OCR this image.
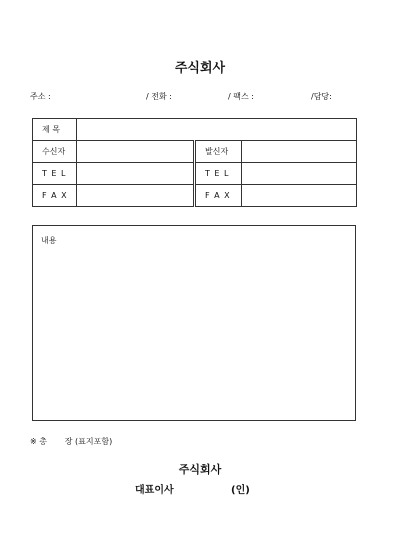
주식회사
주소 :	/ 전화 :	/ 팩스 :	/담당:
제 목			
수신자		발신자	
T E L		T E L	
F A X		F A X	
내용
※ 총       장 (표지포함)
주식회사
대표이사	(인)
